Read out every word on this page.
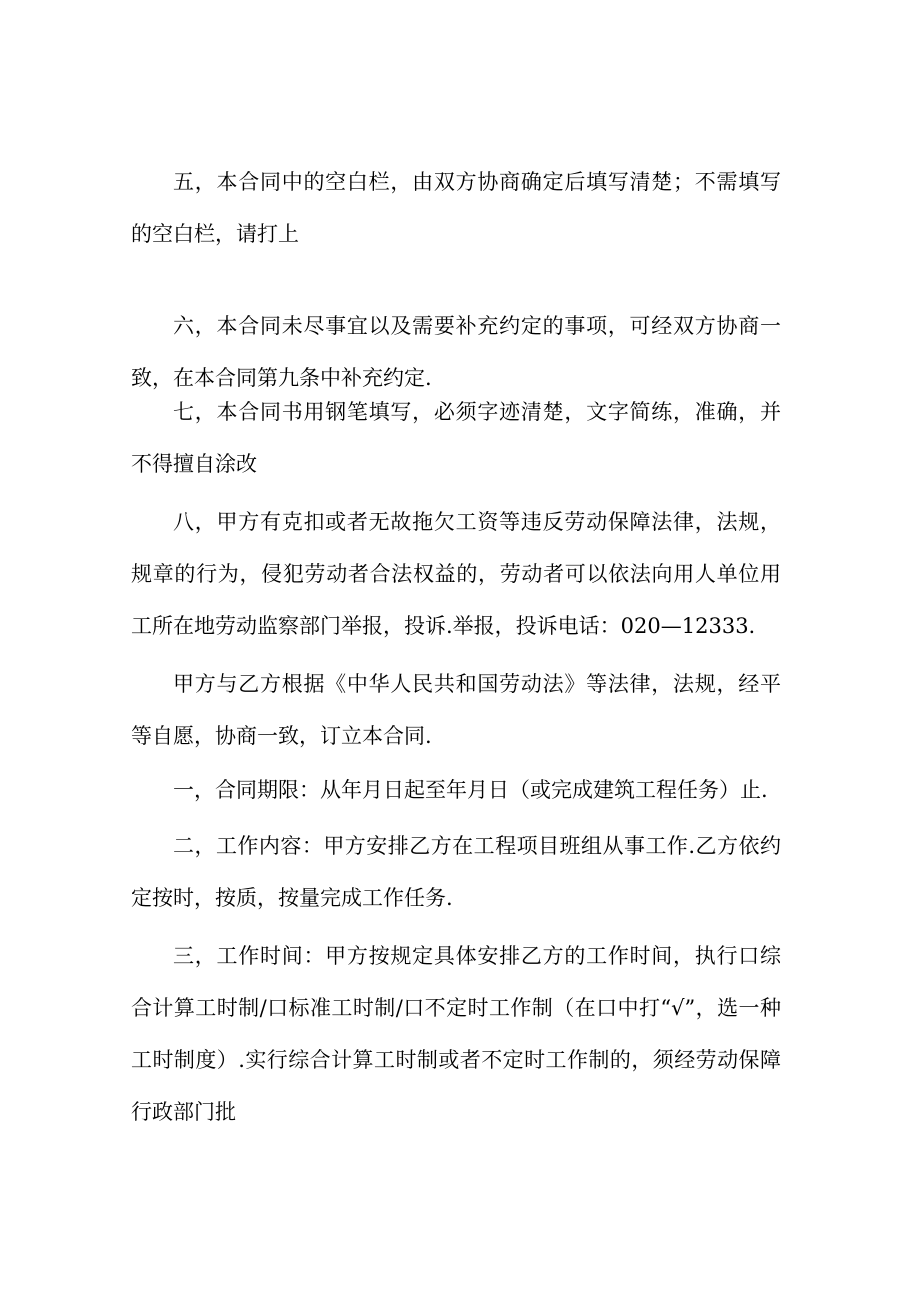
五，本合同中的空白栏，由双方协商确定后填写清楚；不需填写的空白栏，请打上

六，本合同未尽事宜以及需要补充约定的事项，可经双方协商一致，在本合同第九条中补充约定.

七，本合同书用钢笔填写，必须字迹清楚，文字简练，准确，并不得擅自涂改

八，甲方有克扣或者无故拖欠工资等违反劳动保障法律，法规，规章的行为，侵犯劳动者合法权益的，劳动者可以依法向用人单位用工所在地劳动监察部门举报，投诉.举报，投诉电话：020—12333.

甲方与乙方根据《中华人民共和国劳动法》等法律，法规，经平等自愿，协商一致，订立本合同.

一，合同期限：从年月日起至年月日（或完成建筑工程任务）止.

二，工作内容：甲方安排乙方在工程项目班组从事工作.乙方依约定按时，按质，按量完成工作任务.

三，工作时间：甲方按规定具体安排乙方的工作时间，执行口综合计算工时制/口标准工时制/口不定时工作制（在口中打“√”，选一种工时制度）.实行综合计算工时制或者不定时工作制的，须经劳动保障行政部门批
